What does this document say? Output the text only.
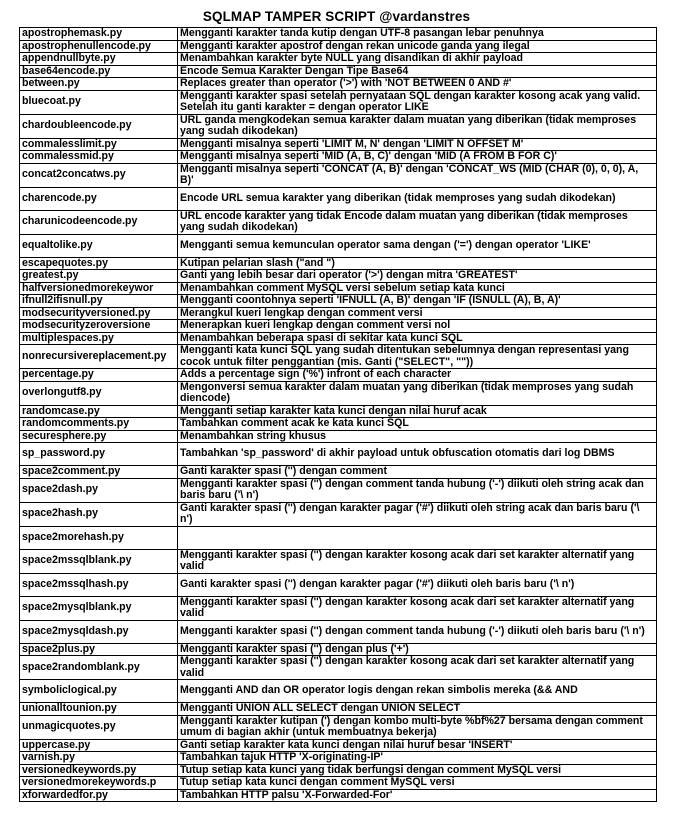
SQLMAP TAMPER SCRIPT @vardanstres
apostrophemask.py	Mengganti karakter tanda kutip dengan UTF-8 pasangan lebar penuhnya

apostrophenullencode.py	Mengganti karakter apostrof dengan rekan unicode ganda yang ilegal

appendnullbyte.py	Menambahkan karakter byte NULL yang disandikan di akhir payload

base64encode.py	Encode Semua Karakter Dengan Tipe Base64

between.py	Replaces greater than operator ('>') with 'NOT BETWEEN 0 AND #'

bluecoat.py	Mengganti karakter spasi setelah pernyataan SQL dengan karakter kosong acak yang valid. Setelah itu ganti karakter = dengan operator LIKE

chardoubleencode.py	URL ganda mengkodekan semua karakter dalam muatan yang diberikan (tidak memproses yang sudah dikodekan)

commalesslimit.py	Mengganti misalnya seperti 'LIMIT M, N' dengan 'LIMIT N OFFSET M'

commalessmid.py	Mengganti misalnya seperti 'MID (A, B, C)' dengan 'MID (A FROM B FOR C)'

concat2concatws.py	Mengganti misalnya seperti 'CONCAT (A, B)' dengan 'CONCAT_WS (MID (CHAR (0), 0, 0), A, B)'

charencode.py	Encode URL semua karakter yang diberikan (tidak memproses yang sudah dikodekan)

charunicodeencode.py	URL encode karakter yang tidak Encode dalam muatan yang diberikan (tidak memproses yang sudah dikodekan)

equaltolike.py	Mengganti semua kemunculan operator sama dengan ('=') dengan operator 'LIKE'

escapequotes.py	Kutipan pelarian slash ("and ")

greatest.py	Ganti yang lebih besar dari operator ('>') dengan mitra 'GREATEST'

halfversionedmorekeywor	Menambahkan comment MySQL versi sebelum setiap kata kunci

ifnull2ifisnull.py	Mengganti coontohnya seperti 'IFNULL (A, B)' dengan 'IF (ISNULL (A), B, A)'

modsecurityversioned.py	Merangkul kueri lengkap dengan comment versi

modsecurityzeroversione	Menerapkan kueri lengkap dengan comment versi nol

multiplespaces.py	Menambahkan beberapa spasi di sekitar kata kunci SQL

nonrecursivereplacement.py	Mengganti kata kunci SQL yang sudah ditentukan sebelumnya dengan representasi yang cocok untuk filter penggantian (mis. Ganti ("SELECT", ""))

percentage.py	Adds a percentage sign ('%') infront of each character

overlongutf8.py	Mengonversi semua karakter dalam muatan yang diberikan (tidak memproses yang sudah diencode)

randomcase.py	Mengganti setiap karakter kata kunci dengan nilai huruf acak

randomcomments.py	Tambahkan comment acak ke kata kunci SQL

securesphere.py	Menambahkan string khusus

sp_password.py	Tambahkan 'sp_password' di akhir payload untuk obfuscation otomatis dari log DBMS

space2comment.py	Ganti karakter spasi ('') dengan comment

space2dash.py	Mengganti karakter spasi ('') dengan comment tanda hubung ('-') diikuti oleh string acak dan baris baru ('\ n')

space2hash.py	Ganti karakter spasi ('') dengan karakter pagar ('#') diikuti oleh string acak dan baris baru ('\ n')

space2morehash.py	

space2mssqlblank.py	Mengganti karakter spasi ('') dengan karakter kosong acak dari set karakter alternatif yang valid

space2mssqlhash.py	Ganti karakter spasi ('') dengan karakter pagar ('#') diikuti oleh baris baru ('\ n')

space2mysqlblank.py	Mengganti karakter spasi ('') dengan karakter kosong acak dari set karakter alternatif yang valid

space2mysqldash.py	Mengganti karakter spasi ('') dengan comment tanda hubung ('-') diikuti oleh baris baru ('\ n')

space2plus.py	Mengganti karakter spasi ('') dengan plus ('+')

space2randomblank.py	Mengganti karakter spasi ('') dengan karakter kosong acak dari set karakter alternatif yang valid

symboliclogical.py	Mengganti AND dan OR operator logis dengan rekan simbolis mereka (&& AND

unionalltounion.py	Mengganti UNION ALL SELECT dengan UNION SELECT

unmagicquotes.py	Mengganti karakter kutipan (') dengan kombo multi-byte %bf%27 bersama dengan comment umum di bagian akhir (untuk membuatnya bekerja)

uppercase.py	Ganti setiap karakter kata kunci dengan nilai huruf besar 'INSERT'

varnish.py	Tambahkan tajuk HTTP 'X-originating-IP'

versionedkeywords.py	Tutup setiap kata kunci yang tidak berfungsi dengan comment MySQL versi

versionedmorekeywords.p	Tutup setiap kata kunci dengan comment MySQL versi

xforwardedfor.py	Tambahkan HTTP palsu 'X-Forwarded-For'
